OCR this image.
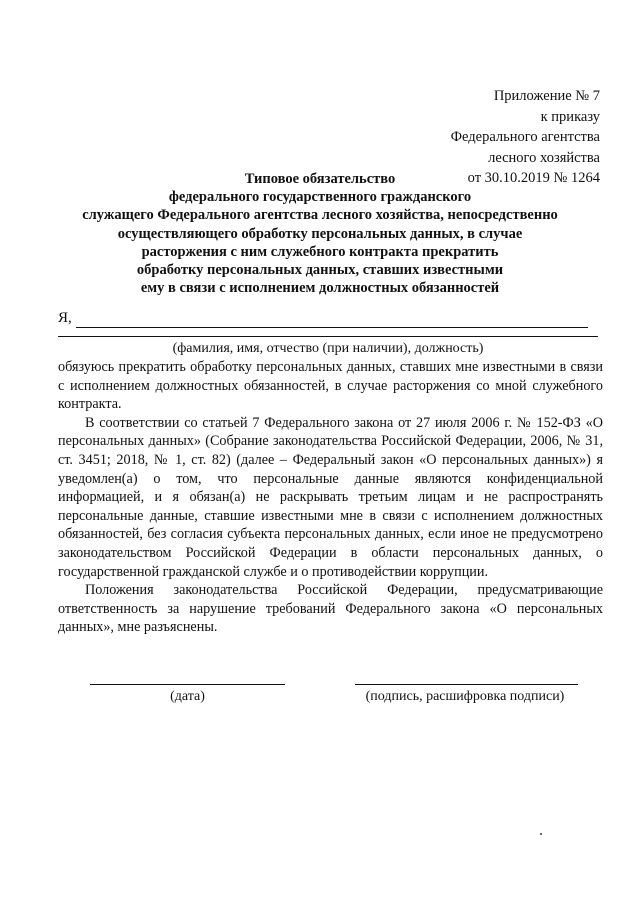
Приложение № 7
к приказу
Федерального агентства
лесного хозяйства
от 30.10.2019 № 1264
Типовое обязательство
федерального государственного гражданского
служащего Федерального агентства лесного хозяйства, непосредственно
осуществляющего обработку персональных данных, в случае
расторжения с ним служебного контракта прекратить
обработку персональных данных, ставших известными
ему в связи с исполнением должностных обязанностей
Я,
(фамилия, имя, отчество (при наличии), должность)

обязуюсь прекратить обработку персональных данных, ставших мне известными в связи с исполнением должностных обязанностей, в случае расторжения со мной служебного контракта.

В соответствии со статьей 7 Федерального закона от 27 июля 2006 г. № 152-ФЗ «О персональных данных» (Собрание законодательства Российской Федерации, 2006, № 31, ст. 3451; 2018, № 1, ст. 82) (далее – Федеральный закон «О персональных данных») я уведомлен(а) о том, что персональные данные являются конфиденциальной информацией, и я обязан(а) не раскрывать третьим лицам и не распространять персональные данные, ставшие известными мне в связи с исполнением должностных обязанностей, без согласия субъекта персональных данных, если иное не предусмотрено законодательством Российской Федерации в области персональных данных, о государственной гражданской службе и о противодействии коррупции.

Положения законодательства Российской Федерации, предусматривающие ответственность за нарушение требований Федерального закона «О персональных данных», мне разъяснены.

(дата)	(подпись, расшифровка подписи)
